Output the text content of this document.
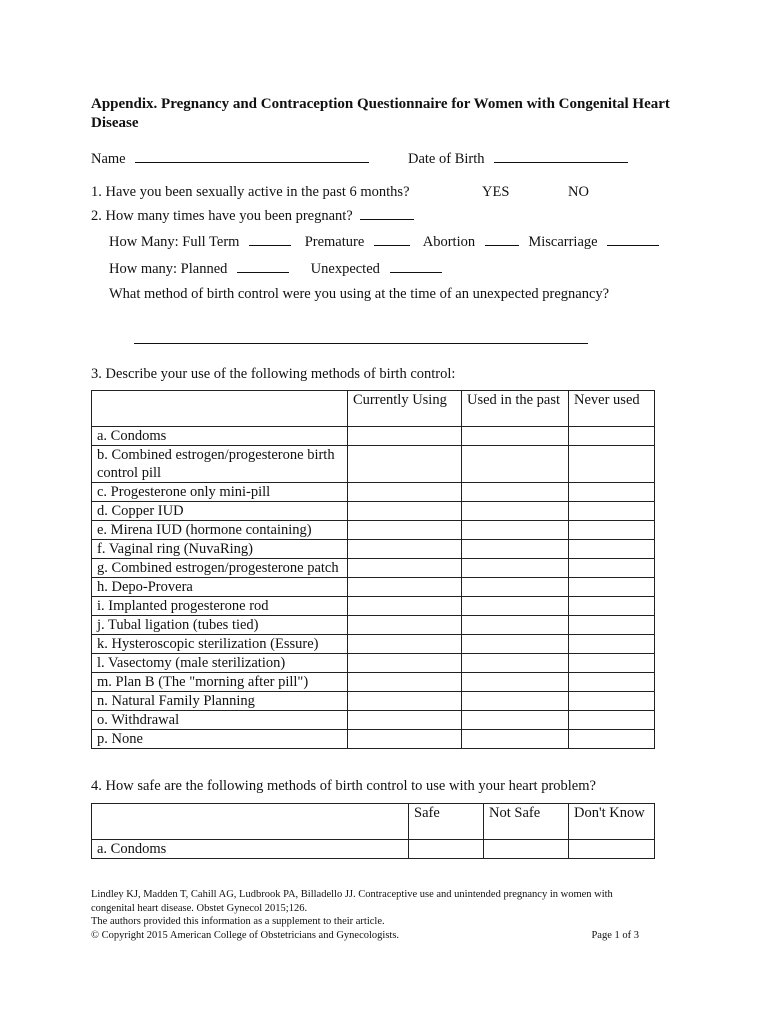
Appendix. Pregnancy and Contraception Questionnaire for Women with Congenital Heart Disease
Name	Date of Birth
1. Have you been sexually active in the past 6 months?	YES	NO
2. How many times have you been pregnant?
How Many: Full Term	Premature	Abortion	Miscarriage
How many: Planned	Unexpected
What method of birth control were you using at the time of an unexpected pregnancy?
3. Describe your use of the following methods of birth control:
	Currently Using	Used in the past	Never used
a. Condoms			
b. Combined estrogen/progesterone birth control pill			
c. Progesterone only mini-pill			
d. Copper IUD			
e. Mirena IUD (hormone containing)			
f. Vaginal ring (NuvaRing)			
g. Combined estrogen/progesterone patch			
h. Depo-Provera			
i. Implanted progesterone rod			
j. Tubal ligation (tubes tied)			
k. Hysteroscopic sterilization (Essure)			
l. Vasectomy (male sterilization)			
m. Plan B (The "morning after pill")			
n. Natural Family Planning			
o. Withdrawal			
p. None			
4. How safe are the following methods of birth control to use with your heart problem?
	Safe	Not Safe	Don't Know
a. Condoms			
Lindley KJ, Madden T, Cahill AG, Ludbrook PA, Billadello JJ. Contraceptive use and unintended pregnancy in women with congenital heart disease. Obstet Gynecol 2015;126.
The authors provided this information as a supplement to their article.
© Copyright 2015 American College of Obstetricians and Gynecologists.	Page 1 of 3
